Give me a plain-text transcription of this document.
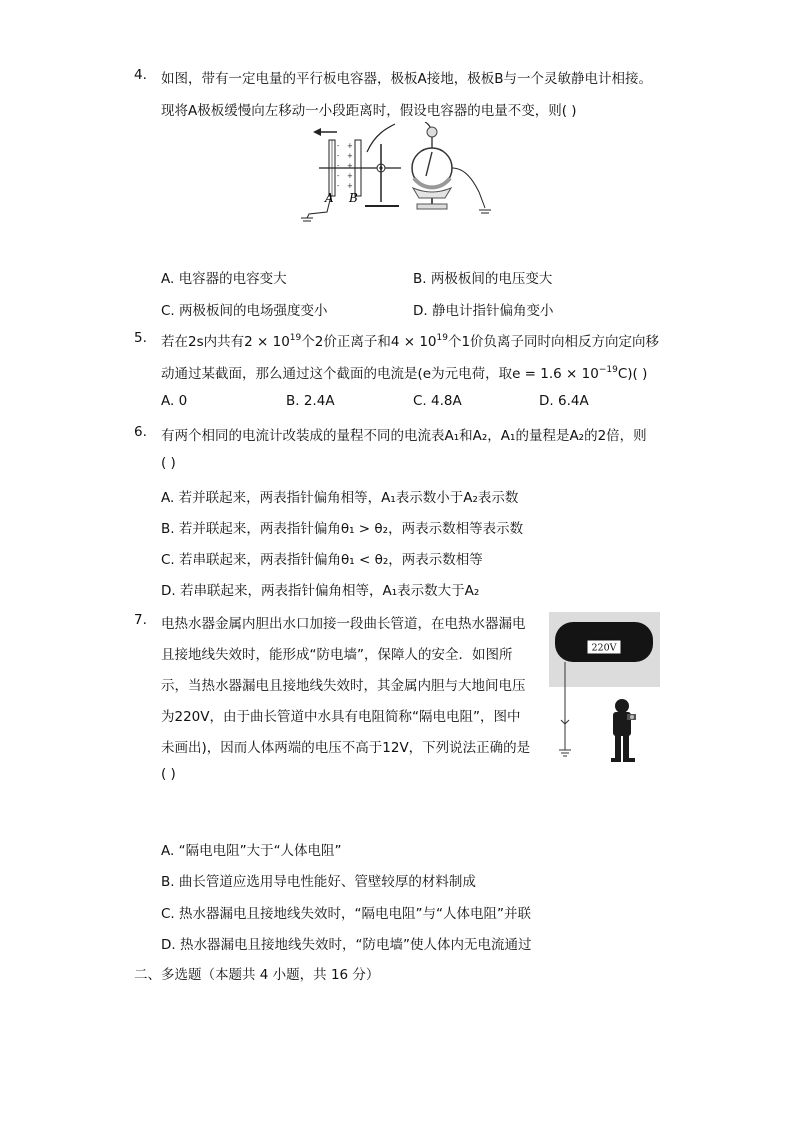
4. 如图，带有一定电量的平行板电容器，极板A接地，极板B与一个灵敏静电计相接。
现将A极板缓慢向左移动一小段距离时，假设电容器的电量不变，则( )
-
-
-
-
-
+
+
+
+
+
A B
A. 电容器的电容变大	B. 两极板间的电压变大
C. 两极板间的电场强度变小	D. 静电计指针偏角变小
5. 若在2s内共有$2 \times 10^{19}$个2价正离子和$4 \times 10^{19}$个1价负离子同时向相反方向定向移
动通过某截面，那么通过这个截面的电流是(e为元电荷，取$e = 1.6 \times 10^{-19}C$)( )
A. 0	B. 2.4A	C. 4.8A	D. 6.4A
6. 有两个相同的电流计改装成的量程不同的电流表A₁和A₂，A₁的量程是A₂的2倍，则
( )
A. 若并联起来，两表指针偏角相等，A₁表示数小于A₂表示数
B. 若并联起来，两表指针偏角θ₁ > θ₂，两表示数相等表示数
C. 若串联起来，两表指针偏角θ₁ < θ₂，两表示数相等
D. 若串联起来，两表指针偏角相等，A₁表示数大于A₂
7. 电热水器金属内胆出水口加接一段曲长管道，在电热水器漏电
且接地线失效时，能形成“防电墙”，保障人的安全．如图所
示，当热水器漏电且接地线失效时，其金属内胆与大地间电压
为220V，由于曲长管道中水具有电阻简称“隔电电阻”，图中
未画出)，因而人体两端的电压不高于12V，下列说法正确的是
( )
220V
A. “隔电电阻”大于“人体电阻”
B. 曲长管道应选用导电性能好、管壁较厚的材料制成
C. 热水器漏电且接地线失效时，“隔电电阻”与“人体电阻”并联
D. 热水器漏电且接地线失效时，“防电墙”使人体内无电流通过
二、多选题（本题共 4 小题，共 16 分）
